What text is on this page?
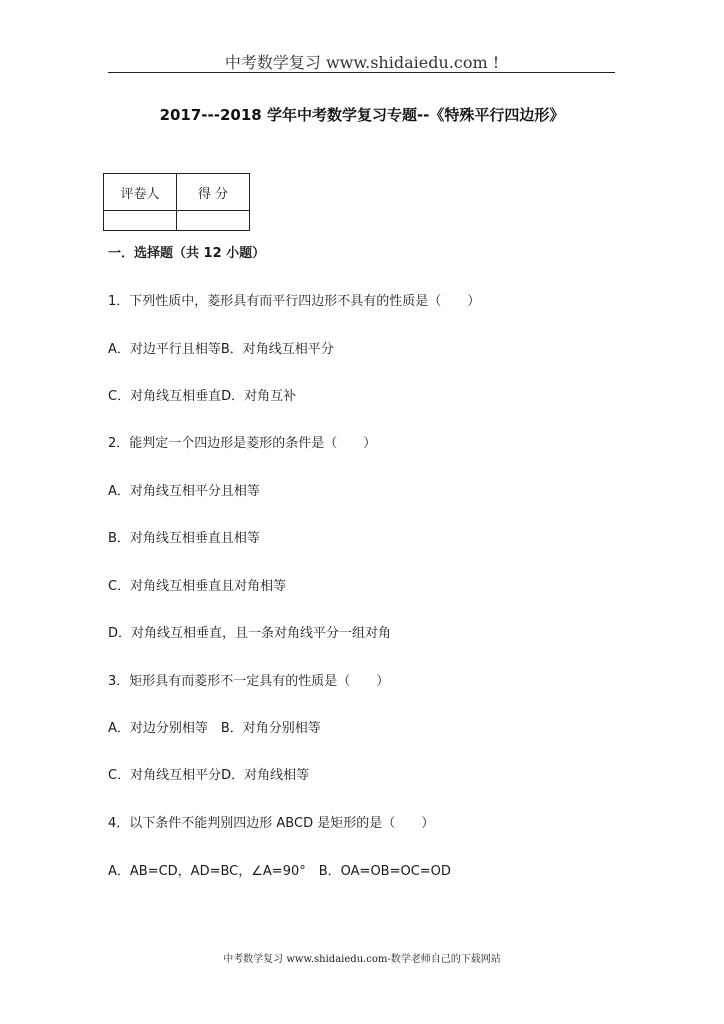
中考数学复习 www.shidaiedu.com !
2017---2018 学年中考数学复习专题--《特殊平行四边形》
评卷人	得 分

一．选择题（共 12 小题）
1．下列性质中，菱形具有而平行四边形不具有的性质是（　　）
A．对边平行且相等B．对角线互相平分
C．对角线互相垂直D．对角互补
2．能判定一个四边形是菱形的条件是（　　）
A．对角线互相平分且相等
B．对角线互相垂直且相等
C．对角线互相垂直且对角相等
D．对角线互相垂直，且一条对角线平分一组对角
3．矩形具有而菱形不一定具有的性质是（　　）
A．对边分别相等　B．对角分别相等
C．对角线互相平分D．对角线相等
4．以下条件不能判别四边形 ABCD 是矩形的是（　　）
A．AB=CD，AD=BC，∠A=90°　B．OA=OB=OC=OD
中考数学复习 www.shidaiedu.com-数学老师自己的下载网站
